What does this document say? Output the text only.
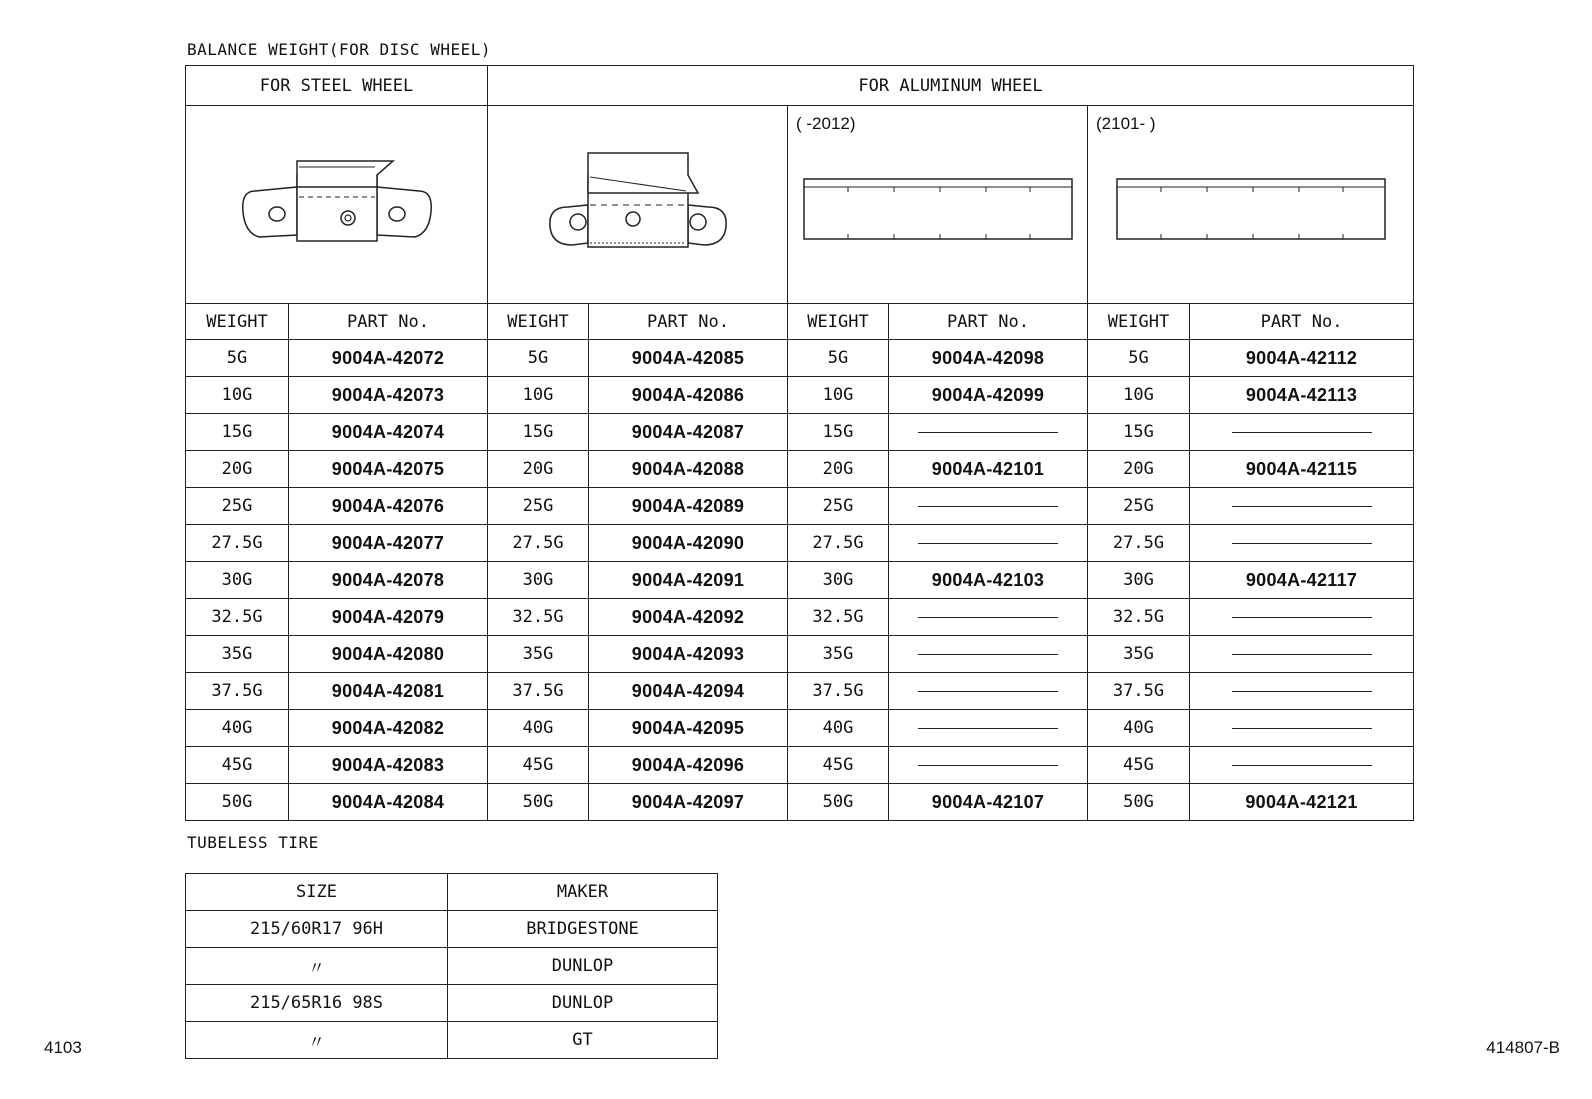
BALANCE WEIGHT(FOR DISC WHEEL)
FOR STEEL WHEEL		FOR ALUMINUM WHEEL					

( -2012)		(2101- )	

WEIGHT	PART No.	WEIGHT	PART No.	WEIGHT	PART No.	WEIGHT	PART No.
5G	9004A-42072	5G	9004A-42085	5G	9004A-42098	5G	9004A-42112
10G	9004A-42073	10G	9004A-42086	10G	9004A-42099	10G	9004A-42113
15G	9004A-42074	15G	9004A-42087	15G		15G	
20G	9004A-42075	20G	9004A-42088	20G	9004A-42101	20G	9004A-42115
25G	9004A-42076	25G	9004A-42089	25G		25G	
27.5G	9004A-42077	27.5G	9004A-42090	27.5G		27.5G	
30G	9004A-42078	30G	9004A-42091	30G	9004A-42103	30G	9004A-42117
32.5G	9004A-42079	32.5G	9004A-42092	32.5G		32.5G	
35G	9004A-42080	35G	9004A-42093	35G		35G	
37.5G	9004A-42081	37.5G	9004A-42094	37.5G		37.5G	
40G	9004A-42082	40G	9004A-42095	40G		40G	
45G	9004A-42083	45G	9004A-42096	45G		45G	
50G	9004A-42084	50G	9004A-42097	50G	9004A-42107	50G	9004A-42121
TUBELESS TIRE
SIZE	MAKER
215/60R17 96H	BRIDGESTONE
〃	DUNLOP
215/65R16 98S	DUNLOP
〃	GT
4103	414807-B
